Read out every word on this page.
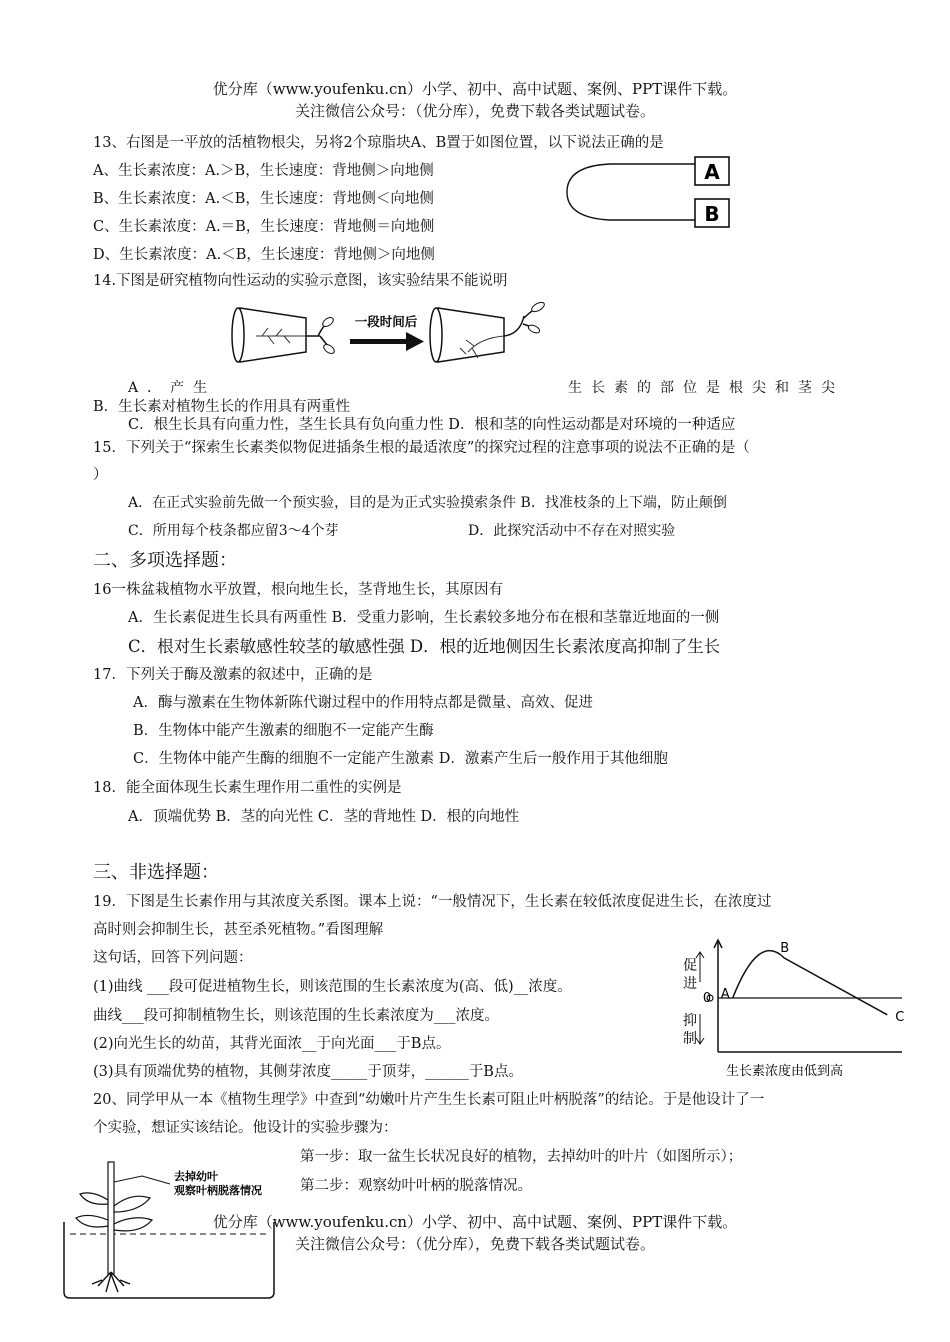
优分库（www.youfenku.cn）小学、初中、高中试题、案例、PPT课件下载。
关注微信公众号：（优分库），免费下载各类试题试卷。
13、右图是一平放的活植物根尖，另将2个琼脂块A、B置于如图位置，以下说法正确的是
A、生长素浓度：A.＞B，生长速度：背地侧＞向地侧
B、生长素浓度：A.＜B，生长速度：背地侧＜向地侧
C、生长素浓度：A.＝B，生长速度：背地侧＝向地侧
D、生长素浓度：A.＜B，生长速度：背地侧＞向地侧
A
B
14.下图是研究植物向性运动的实验示意图，该实验结果不能说明
一段时间后
A．产生	生长素的部位是根尖和茎尖
B．生长素对植物生长的作用具有两重性
C．根生长具有向重力性，茎生长具有负向重力性 D．根和茎的向性运动都是对环境的一种适应
15．下列关于“探索生长素类似物促进插条生根的最适浓度”的探究过程的注意事项的说法不正确的是（
）
A．在正式实验前先做一个预实验，目的是为正式实验摸索条件 B．找准枝条的上下端，防止颠倒
C．所用每个枝条都应留3～4个芽	D．此探究活动中不存在对照实验
二、多项选择题：
16一株盆栽植物水平放置，根向地生长，茎背地生长，其原因有
A．生长素促进生长具有两重性 B．受重力影响，生长素较多地分布在根和茎靠近地面的一侧
C．根对生长素敏感性较茎的敏感性强 D．根的近地侧因生长素浓度高抑制了生长
17．下列关于酶及激素的叙述中，正确的是
A．酶与激素在生物体新陈代谢过程中的作用特点都是微量、高效、促进
B．生物体中能产生激素的细胞不一定能产生酶
C．生物体中能产生酶的细胞不一定能产生激素 D．激素产生后一般作用于其他细胞
18．能全面体现生长素生理作用二重性的实例是
A．顶端优势 B．茎的向光性 C．茎的背地性 D．根的向地性
三、非选择题：
19．下图是生长素作用与其浓度关系图。课本上说：“一般情况下，生长素在较低浓度促进生长，在浓度过
高时则会抑制生长，甚至杀死植物。”看图理解
这句话，回答下列问题：
(1)曲线 ___段可促进植物生长，则该范围的生长素浓度为(高、低)__浓度。
曲线___段可抑制植物生长，则该范围的生长素浓度为___浓度。
(2)向光生长的幼苗，其背光面浓__于向光面___于B点。
(3)具有顶端优势的植物，其侧芽浓度_____于顶芽，______于B点。
促
进
0
抑
制
A
B
C
生长素浓度由低到高
20、同学甲从一本《植物生理学》中查到“幼嫩叶片产生生长素可阻止叶柄脱落”的结论。于是他设计了一
个实验，想证实该结论。他设计的实验步骤为：
第一步：取一盆生长状况良好的植物，去掉幼叶的叶片（如图所示）；
第二步：观察幼叶叶柄的脱落情况。
去掉幼叶
观察叶柄脱落情况
优分库（www.youfenku.cn）小学、初中、高中试题、案例、PPT课件下载。
关注微信公众号：（优分库），免费下载各类试题试卷。
